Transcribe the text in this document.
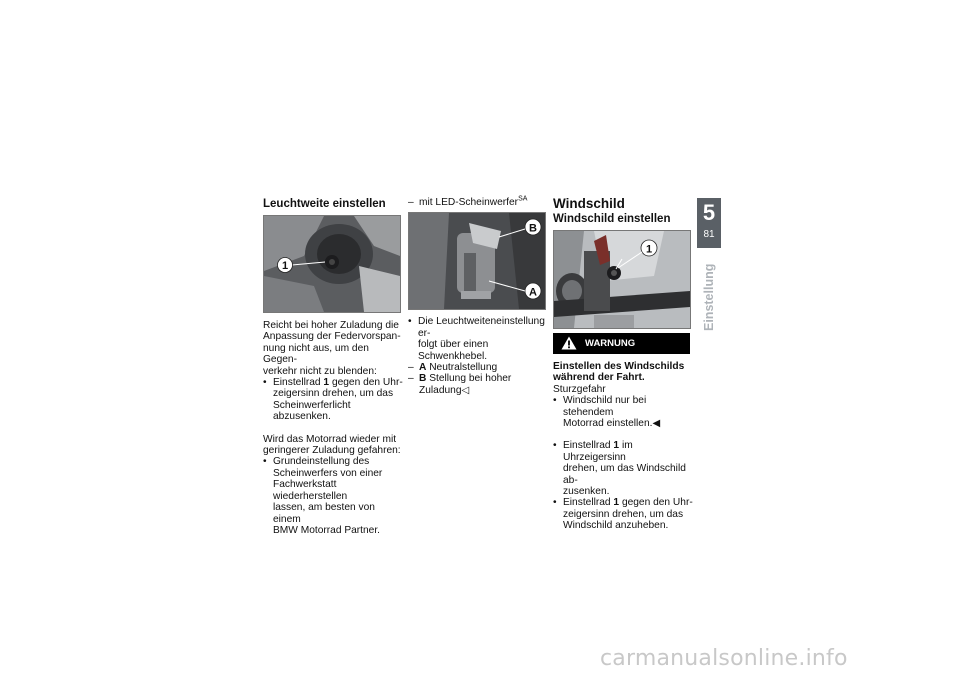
Leuchtweite einstellen
1

Reicht bei hoher Zuladung die

Anpassung der Federvorspan-

nung nicht aus, um den Gegen-

verkehr nicht zu blenden:

• Einstellrad 1 gegen den Uhr-
zeigersinn drehen, um das
Scheinwerferlicht abzusenken.

Wird das Motorrad wieder mit

geringerer Zuladung gefahren:

• Grundeinstellung des
Scheinwerfers von einer
Fachwerkstatt wiederherstellen
lassen, am besten von einem
BMW Motorrad Partner.
– mit LED-Scheinwerfer$^{SA}$
B
A
• Die Leuchtweiteneinstellung er-
folgt über einen Schwenkhebel.
– A Neutralstellung
– B Stellung bei hoher
Zuladung◁
Windschild
Windschild einstellen
1

Einstellen des Windschilds
während der Fahrt.

Sturzgefahr

• Windschild nur bei stehendem
Motorrad einstellen.◀
• Einstellrad 1 im Uhrzeigersinn
drehen, um das Windschild ab-
zusenken.
• Einstellrad 1 gegen den Uhr-
zeigersinn drehen, um das
Windschild anzuheben.
WARNUNG
5
81
Einstellung
carmanualsonline.info
